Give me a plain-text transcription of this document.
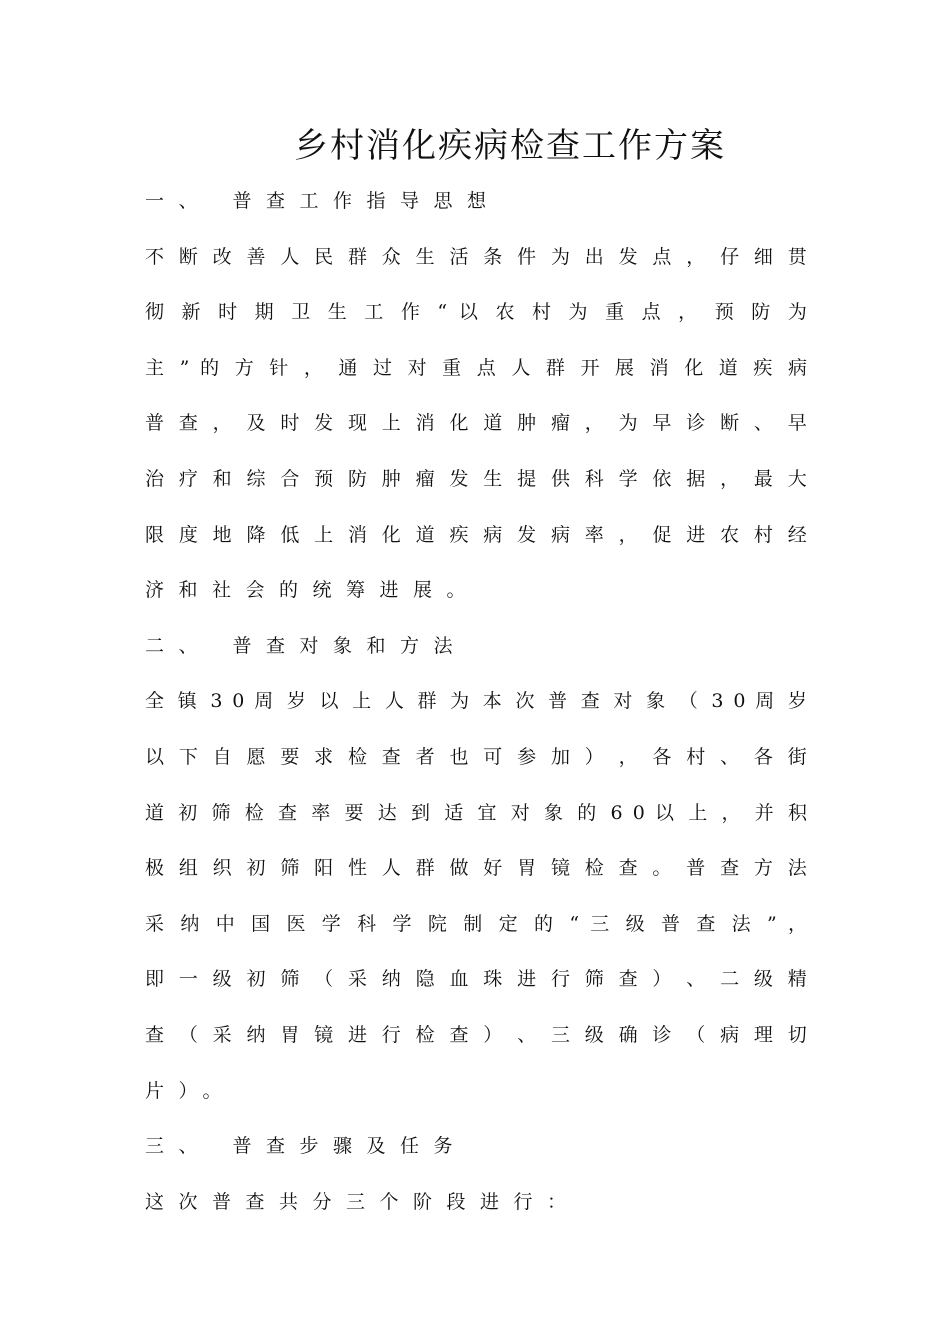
乡村消化疾病检查工作方案
一、 普查工作指导思想
不 断 改 善 人 民 群 众 生 活 条 件 为 出 发 点 ， 仔 细 贯
彻 新 时 期 卫 生 工 作 “ 以 农 村 为 重 点 ， 预 防 为
主 ” 的 方 针 ， 通 过 对 重 点 人 群 开 展 消 化 道 疾 病
普 查 ， 及 时 发 现 上 消 化 道 肿 瘤 ， 为 早 诊 断 、 早
治 疗 和 综 合 预 防 肿 瘤 发 生 提 供 科 学 依 据 ， 最 大
限 度 地 降 低 上 消 化 道 疾 病 发 病 率 ， 促 进 农 村 经
济和社会的统筹进展。
二、 普查对象和方法
全 镇 3 0 周 岁 以 上 人 群 为 本 次 普 查 对 象 （ 3 0 周 岁
以 下 自 愿 要 求 检 查 者 也 可 参 加 ） ， 各 村 、 各 街
道 初 筛 检 查 率 要 达 到 适 宜 对 象 的 6 0 以 上 ， 并 积
极 组 织 初 筛 阳 性 人 群 做 好 胃 镜 检 查 。 普 查 方 法
采 纳 中 国 医 学 科 学 院 制 定 的 “ 三 级 普 查 法 ” ，
即 一 级 初 筛 （ 采 纳 隐 血 珠 进 行 筛 查 ） 、 二 级 精
查 （ 采 纳 胃 镜 进 行 检 查 ） 、 三 级 确 诊 （ 病 理 切
片）。
三、 普查步骤及任务
这次普查共分三个阶段进行：
